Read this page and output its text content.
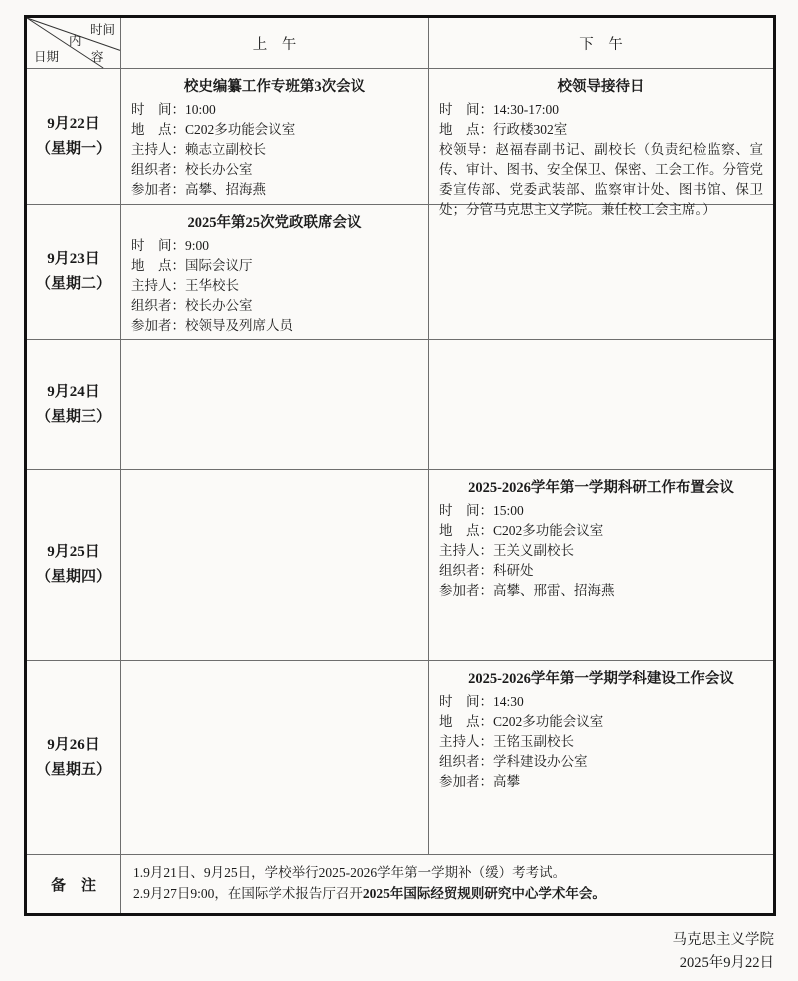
时间
内
容
日期
上　午	下　午
9月22日
（星期一）
校史编纂工作专班第3次会议
时　间：10:00
地　点：C202多功能会议室
主持人：赖志立副校长
组织者：校长办公室
参加者：高攀、招海燕
校领导接待日
时　间：14:30-17:00
地　点：行政楼302室
校领导：赵福春副书记、副校长（负责纪检监察、宣传、审计、图书、安全保卫、保密、工会工作。分管党委宣传部、党委武装部、监察审计处、图书馆、保卫处；分管马克思主义学院。兼任校工会主席。）
9月23日
（星期二）
2025年第25次党政联席会议
时　间：9:00
地　点：国际会议厅
主持人：王华校长
组织者：校长办公室
参加者：校领导及列席人员
9月24日
（星期三）
9月25日
（星期四）
2025-2026学年第一学期科研工作布置会议
时　间：15:00
地　点：C202多功能会议室
主持人：王关义副校长
组织者：科研处
参加者：高攀、邢雷、招海燕
9月26日
（星期五）
2025-2026学年第一学期学科建设工作会议
时　间：14:30
地　点：C202多功能会议室
主持人：王铭玉副校长
组织者：学科建设办公室
参加者：高攀
备　注
1.9月21日、9月25日，学校举行2025-2026学年第一学期补（缓）考考试。
2.9月27日9:00，在国际学术报告厅召开2025年国际经贸规则研究中心学术年会。
马克思主义学院
2025年9月22日
